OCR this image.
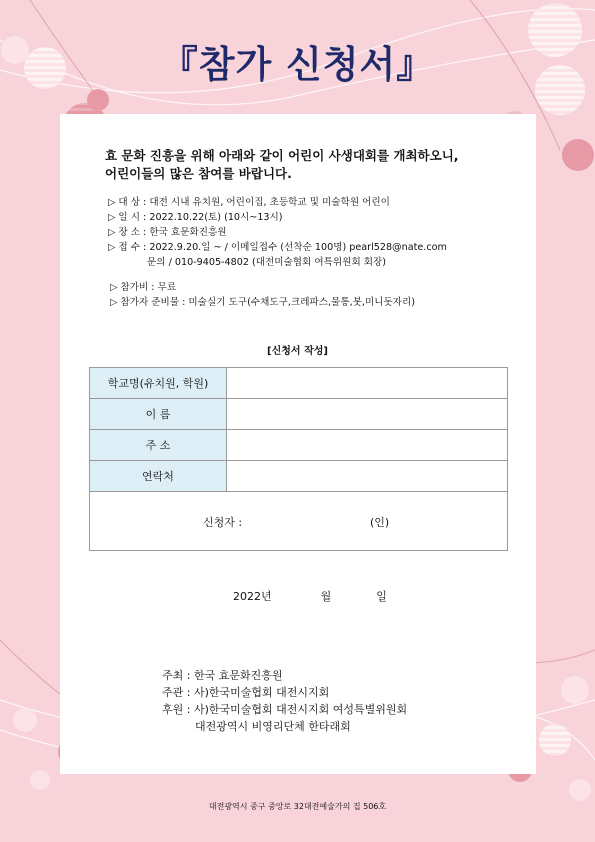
『참가 신청서』
효 문화 진흥을 위해 아래와 같이 어린이 사생대회를 개최하오니,
어린이들의 많은 참여를 바랍니다.
▷ 대 상 : 대전 시내 유치원, 어린이집, 초등학교 및 미술학원 어린이
▷ 일 시 : 2022.10.22(토) (10시~13시)
▷ 장 소 : 한국 효문화진흥원
▷ 접 수 : 2022.9.20.일 ~ / 이메일접수 (선착순 100명) pearl528@nate.com
문의 / 010-9405-4802 (대전미술협회 여특위원회 회장)
▷ 참가비 : 무료
▷ 참가자 준비물 : 미술실기 도구(수채도구,크레파스,물통,붓,미니돗자리)
[신청서 작성]
학교명(유치원, 학원)	
이 름	
주 소	
연락처	

신청자 : (인)	
2022년	월	일
주최 : 한국 효문화진흥원
주관 : 사)한국미술협회 대전시지회
후원 : 사)한국미술협회 대전시지회 여성특별위원회
대전광역시 비영리단체 한타래회
대전광역시 중구 중앙로 32대전예술가의 집 506호
